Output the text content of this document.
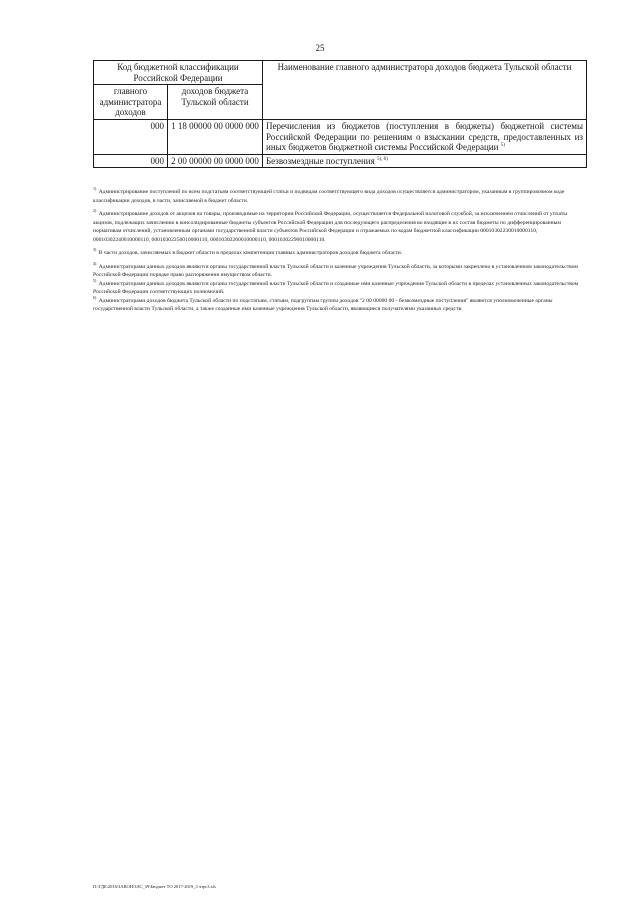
25
Код бюджетной классификации Российской Федерации		Наименование главного администратора доходов бюджета Тульской области
главного администратора доходов	доходов бюджета Тульской области	
000	1 18 00000 00 0000 000	Перечисления из бюджетов (поступления в бюджеты) бюджетной системы Российской Федерации по решениям о взыскании средств, предоставленных из иных бюджетов бюджетной системы Российской Федерации $^{5)}$
000	2 00 00000 00 0000 000	Безвозмездные поступления $^{5), 6)}$

$^{1)}$ Администрирование поступлений по всем подстатьям соответствующей статьи и подвидам соответствующего вида доходов осуществляется администратором, указанным в группировочном коде классификации доходов, в части, зачисляемой в бюджет области.

$^{2)}$ Администрирование доходов от акцизов на товары, производимые на территории Российской Федерации, осуществляется Федеральной налоговой службой, за исключением отчислений от уплаты акцизов, подлежащих зачислению в консолидированные бюджеты субъектов Российской Федерации для последующего распределения во входящие в их состав бюджеты по дифференцированным нормативам отчислений, установленным органами государственной власти субъектов Российской Федерации и отражаемых по кодам бюджетной классификации 00010302230010000110, 00010302240010000110, 00010302250010000110, 00010302260010000110, 00010302290010000110.

$^{3)}$ В части доходов, зачисляемых в бюджет области в пределах компетенции главных администраторов доходов бюджета области.

$^{4)}$ Администраторами данных доходов являются органы государственной власти Тульской области и казенные учреждения Тульской области, за которыми закреплено в установленном законодательством Российской Федерации порядке право распоряжения имуществом области.

$^{5)}$ Администраторами данных доходов являются органы государственной власти Тульской области и созданные ими казенные учреждения Тульской области в пределах установленных законодательством Российской Федерации соответствующих полномочий.

$^{6)}$ Администраторами доходов бюджета Тульской области по подстатьям, статьям, подгруппам группы доходов "2 00 00000 00 - безвозмездные поступления" являются уполномоченные органы государственной власти Тульской области, а также созданные ими казенные учреждения Тульской области, являющиеся получателями указанных средств.

D:\ГДБ\2016\ЗАКОН\ЗАС_39\Бюджет ТО 2017-2019_3 чтрг3.xls
